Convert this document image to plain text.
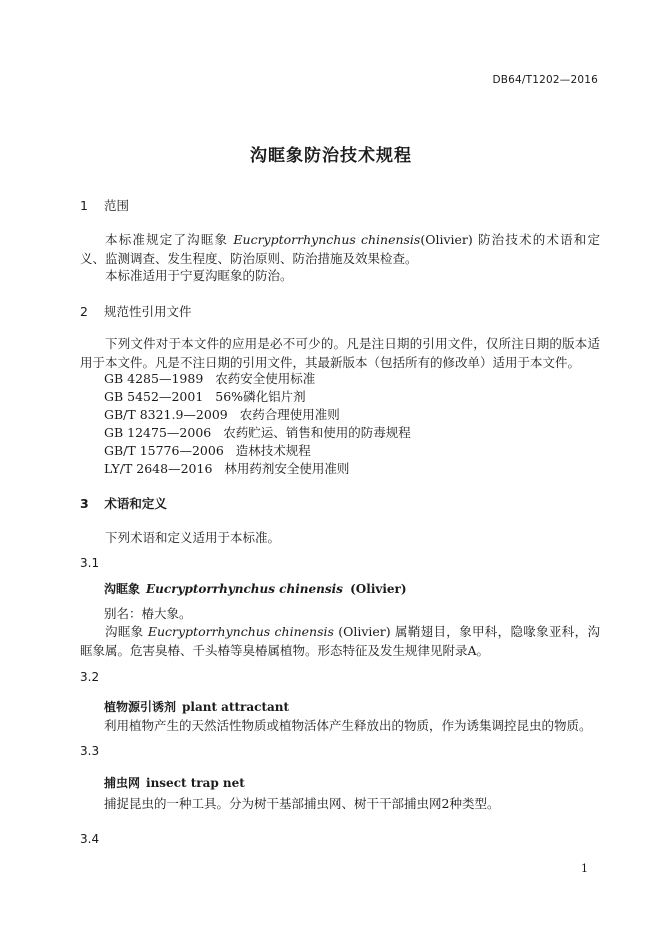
DB64/T1202—2016
沟眶象防治技术规程
1 范围
本标准规定了沟眶象 Eucryptorrhynchus chinensis(Olivier) 防治技术的术语和定义、监测调查、发生程度、防治原则、防治措施及效果检查。
本标准适用于宁夏沟眶象的防治。
2 规范性引用文件
下列文件对于本文件的应用是必不可少的。凡是注日期的引用文件，仅所注日期的版本适用于本文件。凡是不注日期的引用文件，其最新版本（包括所有的修改单）适用于本文件。
GB 4285—1989 农药安全使用标准
GB 5452—2001 56%磷化铝片剂
GB/T 8321.9—2009 农药合理使用准则
GB 12475—2006 农药贮运、销售和使用的防毒规程
GB/T 15776—2006 造林技术规程
LY/T 2648—2016 林用药剂安全使用准则
3 术语和定义
下列术语和定义适用于本标准。
3.1
沟眶象 Eucryptorrhynchus chinensis (Olivier)
别名：椿大象。
沟眶象 Eucryptorrhynchus chinensis (Olivier) 属鞘翅目，象甲科，隐喙象亚科，沟眶象属。危害臭椿、千头椿等臭椿属植物。形态特征及发生规律见附录A。
3.2
植物源引诱剂 plant attractant
利用植物产生的天然活性物质或植物活体产生释放出的物质，作为诱集调控昆虫的物质。
3.3
捕虫网 insect trap net
捕捉昆虫的一种工具。分为树干基部捕虫网、树干干部捕虫网2种类型。
3.4
1
